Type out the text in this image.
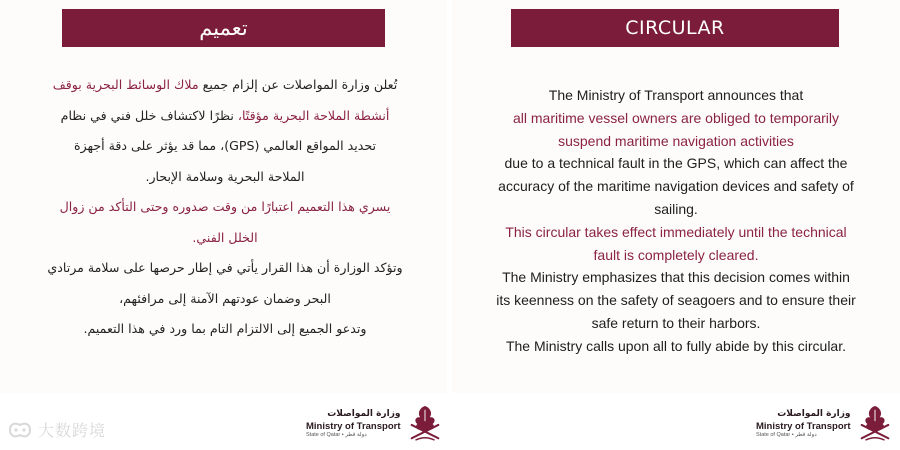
تعميم
تُعلن وزارة المواصلات عن إلزام جميع ملاك الوسائط البحرية بوقف
أنشطة الملاحة البحرية مؤقتًا، نظرًا لاكتشاف خلل فني في نظام
تحديد المواقع العالمي (GPS)، مما قد يؤثر على دقة أجهزة
الملاحة البحرية وسلامة الإبحار.
يسري هذا التعميم اعتبارًا من وقت صدوره وحتى التأكد من زوال
الخلل الفني.
وتؤكد الوزارة أن هذا القرار يأتي في إطار حرصها على سلامة مرتادي
البحر وضمان عودتهم الآمنة إلى مرافئهم،
وتدعو الجميع إلى الالتزام التام بما ورد في هذا التعميم.
CIRCULAR
The Ministry of Transport announces that
all maritime vessel owners are obliged to temporarily
suspend maritime navigation activities
due to a technical fault in the GPS, which can affect the
accuracy of the maritime navigation devices and safety of
sailing.
This circular takes effect immediately until the technical
fault is completely cleared.
The Ministry emphasizes that this decision comes within
its keenness on the safety of seagoers and to ensure their
safe return to their harbors.
The Ministry calls upon all to fully abide by this circular.
وزارة المواصلات
Ministry of Transport
State of Qatar • دولة قطر
وزارة المواصلات
Ministry of Transport
State of Qatar • دولة قطر
大数跨境
